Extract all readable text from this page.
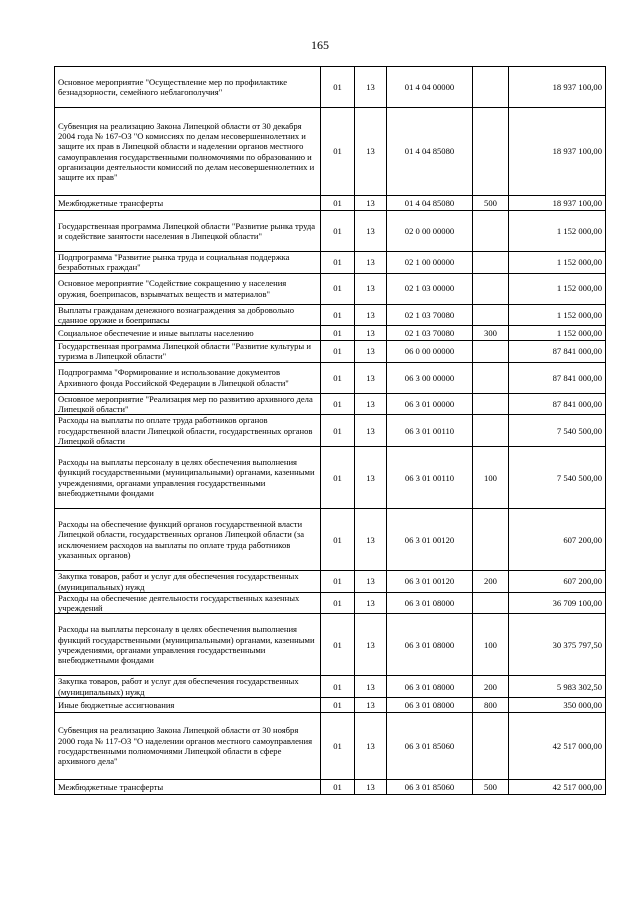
165
Основное мероприятие "Осуществление мер по профилактике безнадзорности, семейного неблагополучия"	01	13	01 4 04 00000		18 937 100,00
Субвенция на реализацию Закона Липецкой области от 30 декабря 2004 года № 167-ОЗ "О комиссиях по делам несовершеннолетних и защите их прав в Липецкой области и наделении органов местного самоуправления государственными полномочиями по образованию и организации деятельности комиссий по делам несовершеннолетних и защите их прав"	01	13	01 4 04 85080		18 937 100,00
Межбюджетные трансферты	01	13	01 4 04 85080	500	18 937 100,00
Государственная программа Липецкой области "Развитие рынка труда и содействие занятости населения в Липецкой области"	01	13	02 0 00 00000		1 152 000,00
Подпрограмма "Развитие рынка труда и социальная поддержка безработных граждан"	01	13	02 1 00 00000		1 152 000,00
Основное мероприятие "Содействие сокращению у населения оружия, боеприпасов, взрывчатых веществ и материалов"	01	13	02 1 03 00000		1 152 000,00
Выплаты гражданам денежного вознаграждения за добровольно сданное оружие и боеприпасы	01	13	02 1 03 70080		1 152 000,00
Социальное обеспечение и иные выплаты населению	01	13	02 1 03 70080	300	1 152 000,00
Государственная программа Липецкой области "Развитие культуры и туризма в Липецкой области"	01	13	06 0 00 00000		87 841 000,00
Подпрограмма "Формирование и использование документов Архивного фонда Российской Федерации в Липецкой области"	01	13	06 3 00 00000		87 841 000,00
Основное мероприятие "Реализация мер по развитию архивного дела Липецкой области"	01	13	06 3 01 00000		87 841 000,00
Расходы на выплаты по оплате труда работников органов государственной власти Липецкой области, государственных органов Липецкой области	01	13	06 3 01 00110		7 540 500,00
Расходы на выплаты персоналу в целях обеспечения выполнения функций государственными (муниципальными) органами, казенными учреждениями, органами управления государственными внебюджетными фондами	01	13	06 3 01 00110	100	7 540 500,00
Расходы на обеспечение функций органов государственной власти Липецкой области, государственных органов Липецкой области (за исключением расходов на выплаты по оплате труда работников указанных органов)	01	13	06 3 01 00120		607 200,00
Закупка товаров, работ и услуг для обеспечения государственных (муниципальных) нужд	01	13	06 3 01 00120	200	607 200,00
Расходы на обеспечение деятельности государственных казенных учреждений	01	13	06 3 01 08000		36 709 100,00
Расходы на выплаты персоналу в целях обеспечения выполнения функций государственными (муниципальными) органами, казенными учреждениями, органами управления государственными внебюджетными фондами	01	13	06 3 01 08000	100	30 375 797,50
Закупка товаров, работ и услуг для обеспечения государственных (муниципальных) нужд	01	13	06 3 01 08000	200	5 983 302,50
Иные бюджетные ассигнования	01	13	06 3 01 08000	800	350 000,00
Субвенция на реализацию Закона Липецкой области от 30 ноября 2000 года № 117-ОЗ "О наделении органов местного самоуправления государственными полномочиями Липецкой области в сфере архивного дела"	01	13	06 3 01 85060		42 517 000,00
Межбюджетные трансферты	01	13	06 3 01 85060	500	42 517 000,00
